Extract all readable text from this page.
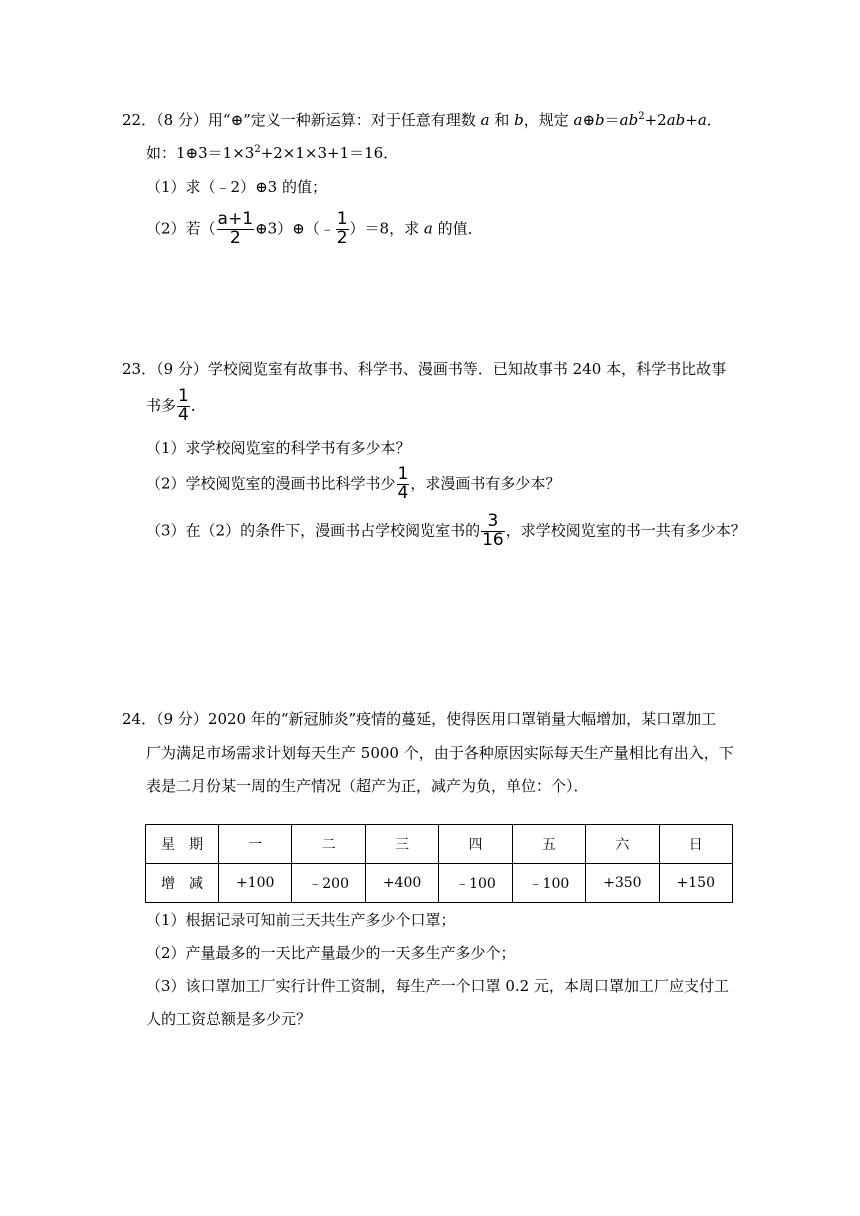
22．（8 分）用“⊕”定义一种新运算：对于任意有理数 a 和 b，规定 $a\oplus b=ab^2+2ab+a$．
如：$1\oplus 3=1\times 3^2+2\times 1\times 3+1=16$．
（1）求（﹣2）⊕3 的值；
（2）若（ $\frac{a+1}{2}$ ⊕3）⊕（﹣ $\frac{1}{2} )=8$，求 a 的值．
23．（9 分）学校阅览室有故事书、科学书、漫画书等．已知故事书 240 本，科学书比故事
书多 $\frac{1}{4}$ ．
（1）求学校阅览室的科学书有多少本？
（2）学校阅览室的漫画书比科学书少 $\frac{1}{4}$ ，求漫画书有多少本？
（3）在（2）的条件下，漫画书占学校阅览室书的 $\frac{3}{16}$ ，求学校阅览室的书一共有多少本？
24．（9 分）2020 年的“新冠肺炎”疫情的蔓延，使得医用口罩销量大幅增加，某口罩加工
厂为满足市场需求计划每天生产 5000 个，由于各种原因实际每天生产量相比有出入，下
表是二月份某一周的生产情况（超产为正，减产为负，单位：个）．
星　期	一	二	三	四	五	六	日
增　减	+100	﹣200	+400	﹣100	﹣100	+350	+150
（1）根据记录可知前三天共生产多少个口罩；
（2）产量最多的一天比产量最少的一天多生产多少个；
（3）该口罩加工厂实行计件工资制，每生产一个口罩 0.2 元，本周口罩加工厂应支付工
人的工资总额是多少元？
